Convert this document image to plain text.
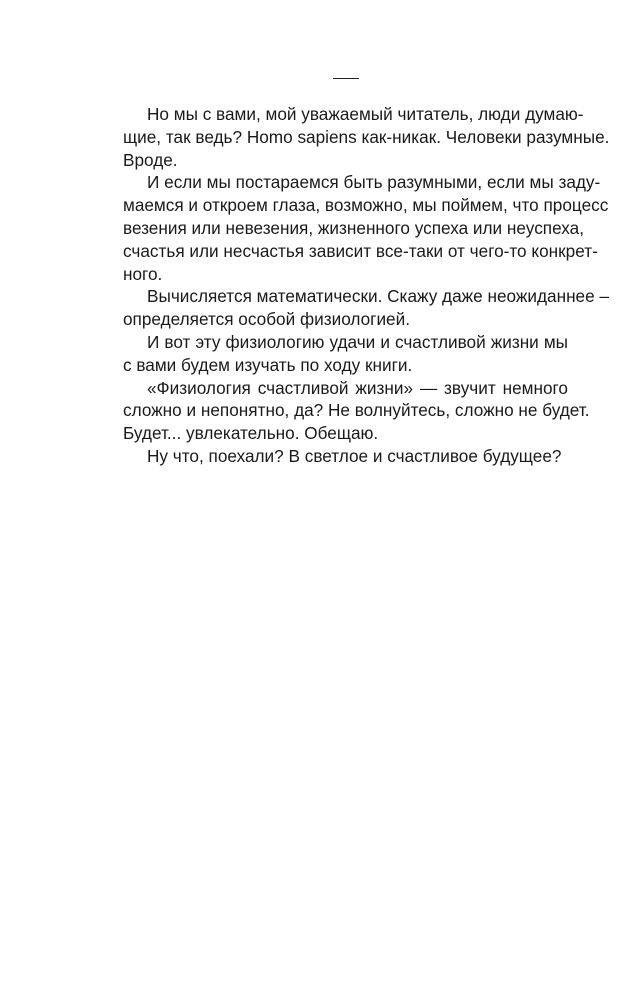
Но мы с вами, мой уважаемый читатель, люди думаю-
щие, так ведь? Homo sapiens как-никак. Человеки разумные.
Вроде.
И если мы постараемся быть разумными, если мы заду-
маемся и откроем глаза, возможно, мы поймем, что процесс
везения или невезения, жизненного успеха или неуспеха,
счастья или несчастья зависит все-таки от чего-то конкрет-
ного.
Вычисляется математически. Скажу даже неожиданнее –
определяется особой физиологией.
И вот эту физиологию удачи и счастливой жизни мы
с вами будем изучать по ходу книги.
«Физиология счастливой жизни» — звучит немного
сложно и непонятно, да? Не волнуйтесь, сложно не будет.
Будет... увлекательно. Обещаю.
Ну что, поехали? В светлое и счастливое будущее?
